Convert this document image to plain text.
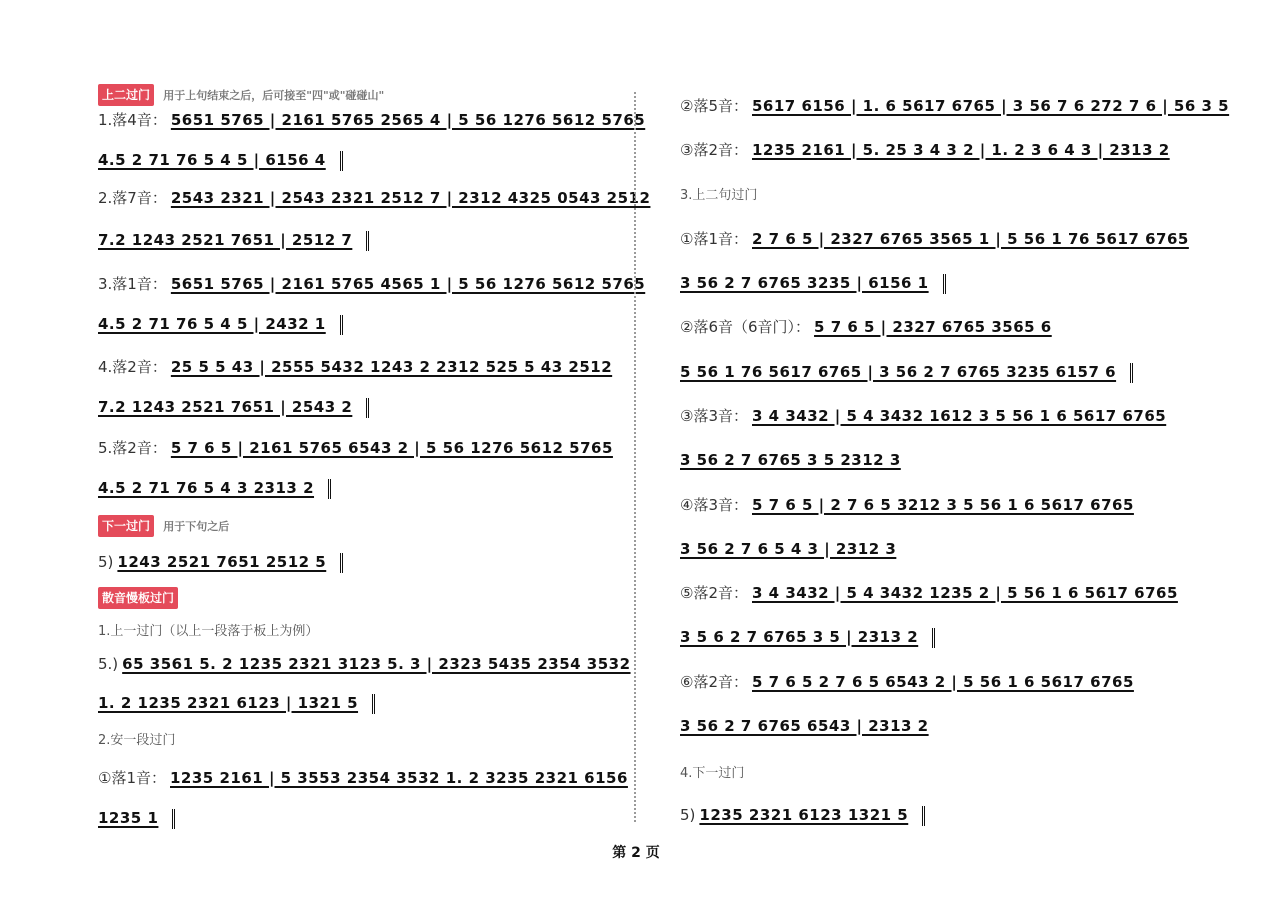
上二过门 用于上句结束之后，后可接至"四"或"碰碰山"
1.落4音： 5651 5765 | 2161 5765 2565 4 | 5 56 1276 5612 5765
4.5 2 71 76 5 4 5 | 6156 4
2.落7音： 2543 2321 | 2543 2321 2512 7 | 2312 4325 0543 2512
7.2 1243 2521 7651 | 2512 7
3.落1音： 5651 5765 | 2161 5765 4565 1 | 5 56 1276 5612 5765
4.5 2 71 76 5 4 5 | 2432 1
4.落2音： 25 5 5 43 | 2555 5432 1243 2 2312 525 5 43 2512
7.2 1243 2521 7651 | 2543 2
5.落2音： 5 7 6 5 | 2161 5765 6543 2 | 5 56 1276 5612 5765
4.5 2 71 76 5 4 3 2313 2
下一过门 用于下句之后
5) 1243 2521 7651 2512 5
散音慢板过门
1.上一过门（以上一段落于板上为例）
5.) 65 3561 5. 2 1235 2321 3123 5. 3 | 2323 5435 2354 3532
1. 2 1235 2321 6123 | 1321 5
2.安一段过门
①落1音： 1235 2161 | 5 3553 2354 3532 1. 2 3235 2321 6156
1235 1
②落5音： 5617 6156 | 1. 6 5617 6765 | 3 56 7 6 272 7 6 | 56 3 5
③落2音： 1235 2161 | 5. 25 3 4 3 2 | 1. 2 3 6 4 3 | 2313 2
3.上二句过门
①落1音： 2 7 6 5 | 2327 6765 3565 1 | 5 56 1 76 5617 6765
3 56 2 7 6765 3235 | 6156 1
②落6音（6音门）： 5 7 6 5 | 2327 6765 3565 6
5 56 1 76 5617 6765 | 3 56 2 7 6765 3235 6157 6
③落3音： 3 4 3432 | 5 4 3432 1612 3 5 56 1 6 5617 6765
3 56 2 7 6765 3 5 2312 3
④落3音： 5 7 6 5 | 2 7 6 5 3212 3 5 56 1 6 5617 6765
3 56 2 7 6 5 4 3 | 2312 3
⑤落2音： 3 4 3432 | 5 4 3432 1235 2 | 5 56 1 6 5617 6765
3 5 6 2 7 6765 3 5 | 2313 2
⑥落2音： 5 7 6 5 2 7 6 5 6543 2 | 5 56 1 6 5617 6765
3 56 2 7 6765 6543 | 2313 2
4.下一过门
5) 1235 2321 6123 1321 5
第 2 页
